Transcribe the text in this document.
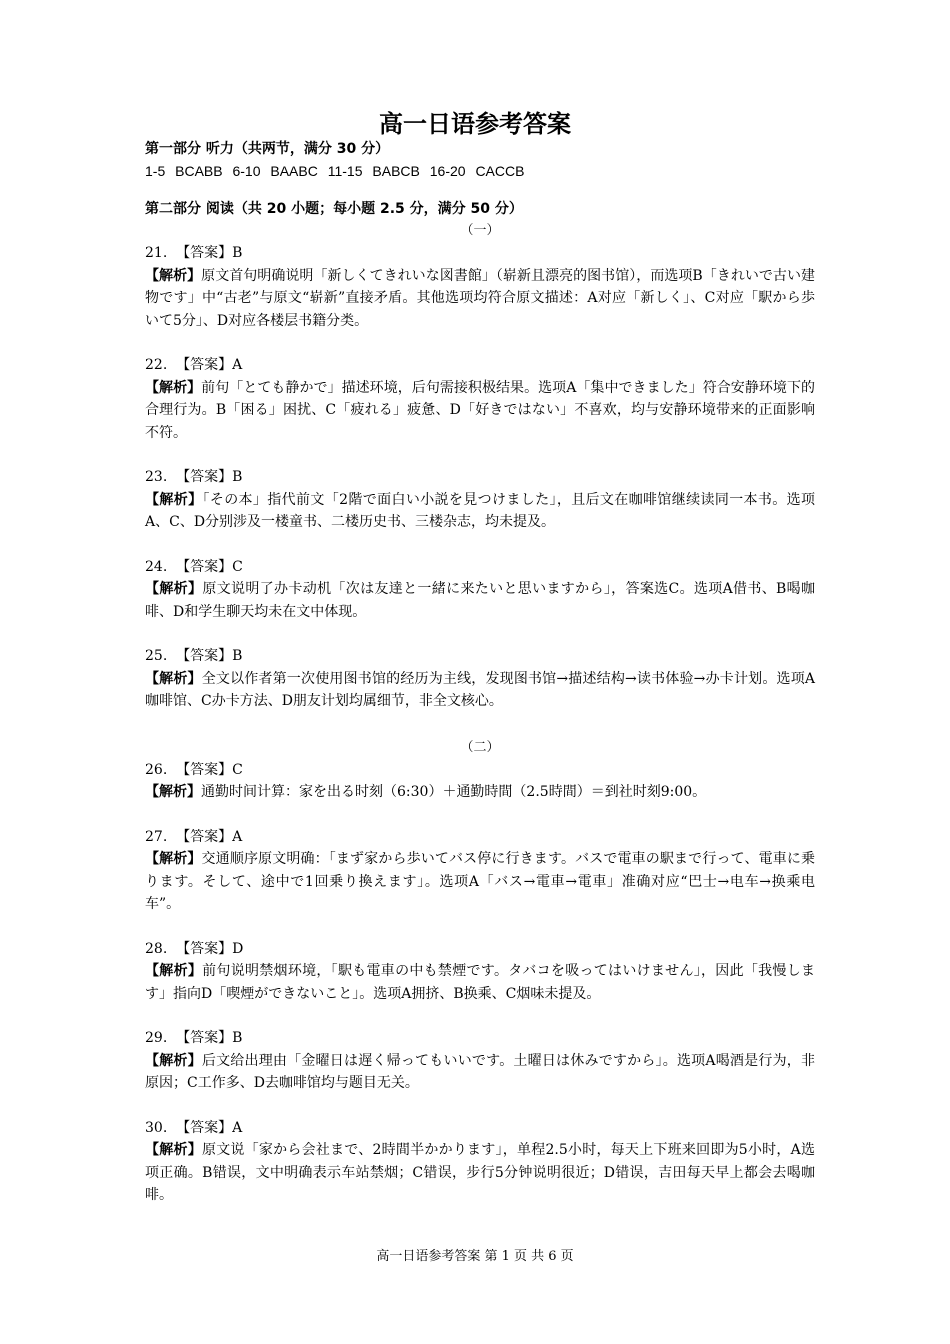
高一日语参考答案
第一部分 听力（共两节，满分 30 分）
1-5 BCABB 6-10 BAABC 11-15 BABCB 16-20 CACCB
第二部分 阅读（共 20 小题；每小题 2.5 分，满分 50 分）
（一）
21. 【答案】B
【解析】原文首句明确说明「新しくてきれいな図書館」（崭新且漂亮的图书馆），而选项B「きれいで古い建物です」中“古老”与原文“崭新”直接矛盾。其他选项均符合原文描述：A对应「新しく」、C对应「駅から歩いて5分」、D对应各楼层书籍分类。
22. 【答案】A
【解析】前句「とても静かで」描述环境，后句需接积极结果。选项A「集中できました」符合安静环境下的合理行为。B「困る」困扰、C「疲れる」疲惫、D「好きではない」不喜欢，均与安静环境带来的正面影响不符。
23. 【答案】B
【解析】「その本」指代前文「2階で面白い小説を見つけました」，且后文在咖啡馆继续读同一本书。选项A、C、D分别涉及一楼童书、二楼历史书、三楼杂志，均未提及。
24. 【答案】C
【解析】原文说明了办卡动机「次は友達と一緒に来たいと思いますから」，答案选C。选项A借书、B喝咖啡、D和学生聊天均未在文中体现。
25. 【答案】B
【解析】全文以作者第一次使用图书馆的经历为主线，发现图书馆→描述结构→读书体验→办卡计划。选项A咖啡馆、C办卡方法、D朋友计划均属细节，非全文核心。
（二）
26. 【答案】C
【解析】通勤时间计算：家を出る时刻（6:30）＋通勤時間（2.5時間）＝到社时刻9:00。
27. 【答案】A
【解析】交通顺序原文明确：「まず家から歩いてバス停に行きます。バスで電車の駅まで行って、電車に乗ります。そして、途中で1回乗り換えます」。选项A「バス→電車→電車」准确对应“巴士→电车→换乘电车”。
28. 【答案】D
【解析】前句说明禁烟环境，「駅も電車の中も禁煙です。タバコを吸ってはいけません」，因此「我慢します」指向D「喫煙ができないこと」。选项A拥挤、B换乘、C烟味未提及。
29. 【答案】B
【解析】后文给出理由「金曜日は遅く帰ってもいいです。土曜日は休みですから」。选项A喝酒是行为，非原因；C工作多、D去咖啡馆均与题目无关。
30. 【答案】A
【解析】原文说「家から会社まで、2時間半かかります」，单程2.5小时，每天上下班来回即为5小时，A选项正确。B错误，文中明确表示车站禁烟；C错误，步行5分钟说明很近；D错误，吉田每天早上都会去喝咖啡。
高一日语参考答案 第 1 页 共 6 页
